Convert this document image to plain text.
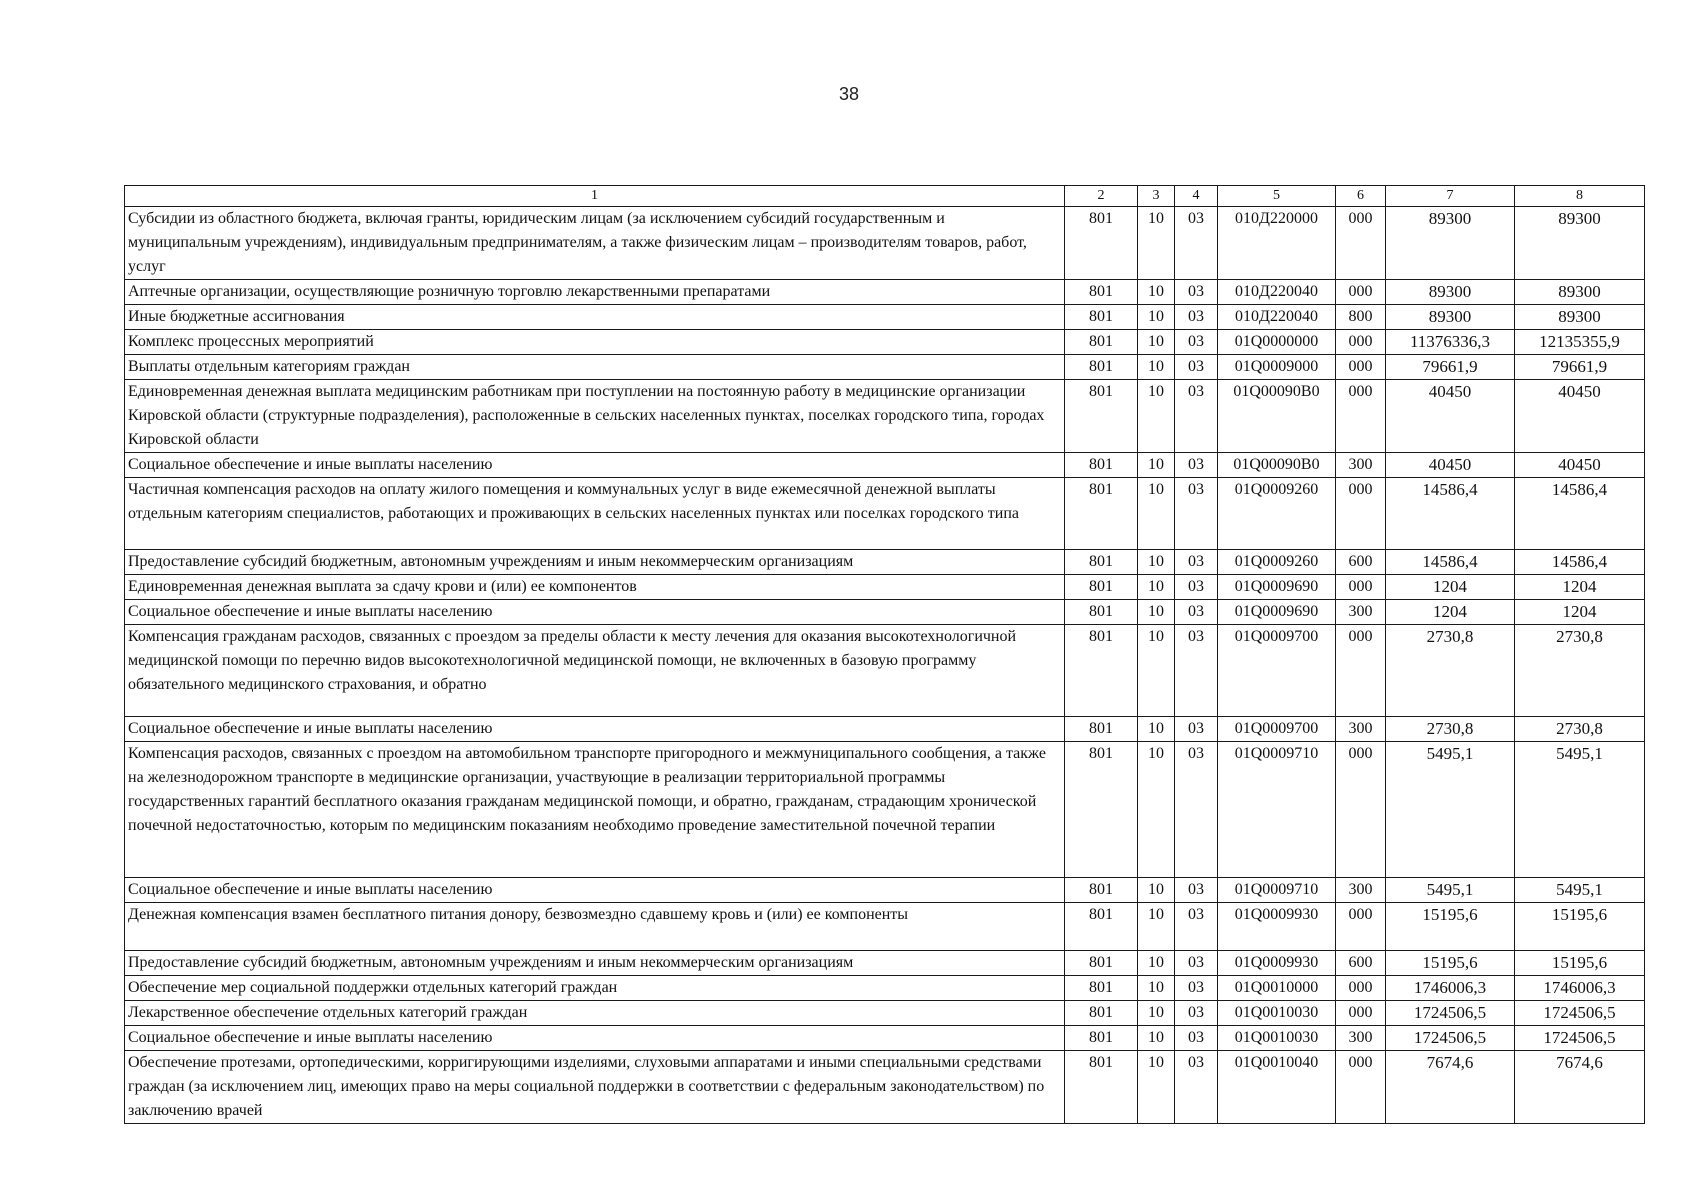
38
1	2	3	4	5	6	7	8
Субсидии из областного бюджета, включая гранты, юридическим лицам (за исключением субсидий государственным и муниципальным учреждениям), индивидуальным предпринимателям, а также физическим лицам – производителям товаров, работ, услуг	801	10	03	010Д220000	000	89300	89300
Аптечные организации, осуществляющие розничную торговлю лекарственными препаратами	801	10	03	010Д220040	000	89300	89300
Иные бюджетные ассигнования	801	10	03	010Д220040	800	89300	89300
Комплекс процессных мероприятий	801	10	03	01Q0000000	000	11376336,3	12135355,9
Выплаты отдельным категориям граждан	801	10	03	01Q0009000	000	79661,9	79661,9
Единовременная денежная выплата медицинским работникам при поступлении на постоянную работу в медицинские организации Кировской области (структурные подразделения), расположенные в сельских населенных пунктах, поселках городского типа, городах Кировской области	801	10	03	01Q00090B0	000	40450	40450
Социальное обеспечение и иные выплаты населению	801	10	03	01Q00090B0	300	40450	40450
Частичная компенсация расходов на оплату жилого помещения и коммунальных услуг в виде ежемесячной денежной выплаты отдельным категориям специалистов, работающих и проживающих в сельских населенных пунктах или поселках городского типа	801	10	03	01Q0009260	000	14586,4	14586,4
Предоставление субсидий бюджетным, автономным учреждениям и иным некоммерческим организациям	801	10	03	01Q0009260	600	14586,4	14586,4
Единовременная денежная выплата за сдачу крови и (или) ее компонентов	801	10	03	01Q0009690	000	1204	1204
Социальное обеспечение и иные выплаты населению	801	10	03	01Q0009690	300	1204	1204
Компенсация гражданам расходов, связанных с проездом за пределы области к месту лечения для оказания высокотехнологичной медицинской помощи по перечню видов высокотехнологичной медицинской помощи, не включенных в базовую программу обязательного медицинского страхования, и обратно	801	10	03	01Q0009700	000	2730,8	2730,8
Социальное обеспечение и иные выплаты населению	801	10	03	01Q0009700	300	2730,8	2730,8
Компенсация расходов, связанных с проездом на автомобильном транспорте пригородного и межмуниципального сообщения, а также на железнодорожном транспорте в медицинские организации, участвующие в реализации территориальной программы государственных гарантий бесплатного оказания гражданам медицинской помощи, и обратно, гражданам, страдающим хронической почечной недостаточностью, которым по медицинским показаниям необходимо проведение заместительной почечной терапии	801	10	03	01Q0009710	000	5495,1	5495,1
Социальное обеспечение и иные выплаты населению	801	10	03	01Q0009710	300	5495,1	5495,1
Денежная компенсация взамен бесплатного питания донору, безвозмездно сдавшему кровь и (или) ее компоненты	801	10	03	01Q0009930	000	15195,6	15195,6
Предоставление субсидий бюджетным, автономным учреждениям и иным некоммерческим организациям	801	10	03	01Q0009930	600	15195,6	15195,6
Обеспечение мер социальной поддержки отдельных категорий граждан	801	10	03	01Q0010000	000	1746006,3	1746006,3
Лекарственное обеспечение отдельных категорий граждан	801	10	03	01Q0010030	000	1724506,5	1724506,5
Социальное обеспечение и иные выплаты населению	801	10	03	01Q0010030	300	1724506,5	1724506,5
Обеспечение протезами, ортопедическими, корригирующими изделиями, слуховыми аппаратами и иными специальными средствами граждан (за исключением лиц, имеющих право на меры социальной поддержки в соответствии с федеральным законодательством) по заключению врачей	801	10	03	01Q0010040	000	7674,6	7674,6
